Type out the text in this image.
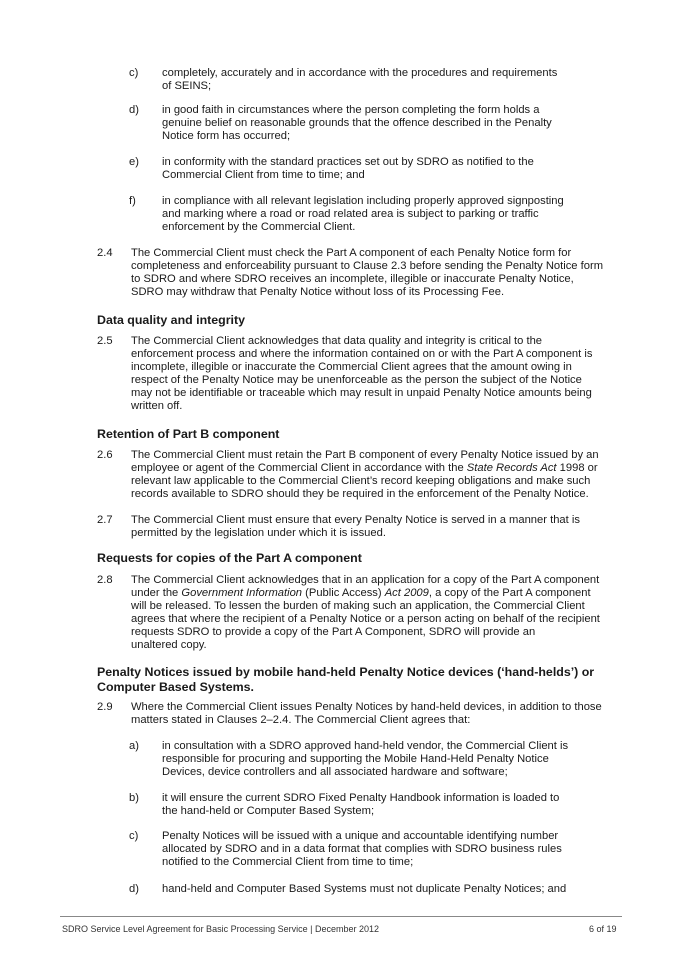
c) completely, accurately and in accordance with the procedures and requirements

of SEINS;

d) in good faith in circumstances where the person completing the form holds a

genuine belief on reasonable grounds that the offence described in the Penalty

Notice form has occurred;

e) in conformity with the standard practices set out by SDRO as notified to the

Commercial Client from time to time; and

f) in compliance with all relevant legislation including properly approved signposting

and marking where a road or road related area is subject to parking or traffic

enforcement by the Commercial Client.

2.4 The Commercial Client must check the Part A component of each Penalty Notice form for

completeness and enforceability pursuant to Clause 2.3 before sending the Penalty Notice form

to SDRO and where SDRO receives an incomplete, illegible or inaccurate Penalty Notice,

SDRO may withdraw that Penalty Notice without loss of its Processing Fee.

Data quality and integrity
2.5 The Commercial Client acknowledges that data quality and integrity is critical to the

enforcement process and where the information contained on or with the Part A component is

incomplete, illegible or inaccurate the Commercial Client agrees that the amount owing in

respect of the Penalty Notice may be unenforceable as the person the subject of the Notice

may not be identifiable or traceable which may result in unpaid Penalty Notice amounts being

written off.

Retention of Part B component
2.6 The Commercial Client must retain the Part B component of every Penalty Notice issued by an

employee or agent of the Commercial Client in accordance with the State Records Act 1998 or

relevant law applicable to the Commercial Client’s record keeping obligations and make such

records available to SDRO should they be required in the enforcement of the Penalty Notice.

2.7 The Commercial Client must ensure that every Penalty Notice is served in a manner that is

permitted by the legislation under which it is issued.

Requests for copies of the Part A component
2.8 The Commercial Client acknowledges that in an application for a copy of the Part A component

under the Government Information (Public Access) Act 2009, a copy of the Part A component

will be released. To lessen the burden of making such an application, the Commercial Client

agrees that where the recipient of a Penalty Notice or a person acting on behalf of the recipient

requests SDRO to provide a copy of the Part A Component, SDRO will provide an

unaltered copy.

Penalty Notices issued by mobile hand-held Penalty Notice devices (‘hand-helds’) or
Computer Based Systems.
2.9 Where the Commercial Client issues Penalty Notices by hand-held devices, in addition to those

matters stated in Clauses 2–2.4. The Commercial Client agrees that:

a) in consultation with a SDRO approved hand-held vendor, the Commercial Client is

responsible for procuring and supporting the Mobile Hand-Held Penalty Notice

Devices, device controllers and all associated hardware and software;

b) it will ensure the current SDRO Fixed Penalty Handbook information is loaded to

the hand-held or Computer Based System;

c) Penalty Notices will be issued with a unique and accountable identifying number

allocated by SDRO and in a data format that complies with SDRO business rules

notified to the Commercial Client from time to time;

d) hand-held and Computer Based Systems must not duplicate Penalty Notices; and

SDRO Service Level Agreement for Basic Processing Service | December 2012	6 of 19
